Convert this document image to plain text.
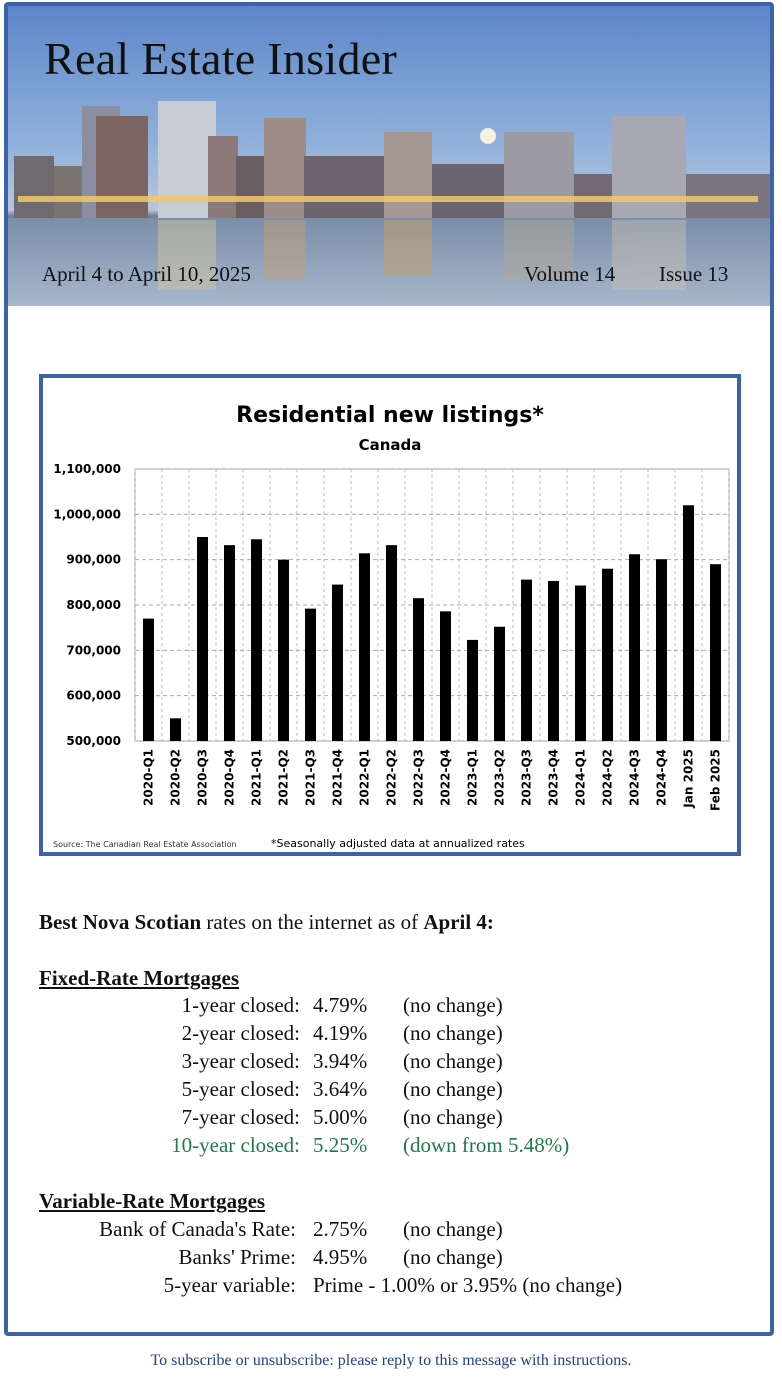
Real Estate Insider
April 4 to April 10, 2025	Volume 14 Issue 13
Residential new listings*
Canada
1,100,000
1,000,000
900,000
800,000
700,000
600,000
500,000
2020-Q1 2020-Q2 2020-Q3 2020-Q4 2021-Q1 2021-Q2 2021-Q3 2021-Q4 2022-Q1 2022-Q2 2022-Q3 2022-Q4 2023-Q1 2023-Q2 2023-Q3 2023-Q4 2024-Q1 2024-Q2 2024-Q3 2024-Q4 Jan 2025 Feb 2025
Source: The Canadian Real Estate Association	*Seasonally adjusted data at annualized rates
Best Nova Scotian rates on the internet as of April 4:
Fixed-Rate Mortgages
1-year closed: 4.79% (no change)
2-year closed: 4.19% (no change)
3-year closed: 3.94% (no change)
5-year closed: 3.64% (no change)
7-year closed: 5.00% (no change)
10-year closed: 5.25% (down from 5.48%)
Variable-Rate Mortgages
Bank of Canada's Rate: 2.75% (no change)
Banks' Prime: 4.95% (no change)
5-year variable: Prime - 1.00% or 3.95% (no change)
To subscribe or unsubscribe: please reply to this message with instructions.
